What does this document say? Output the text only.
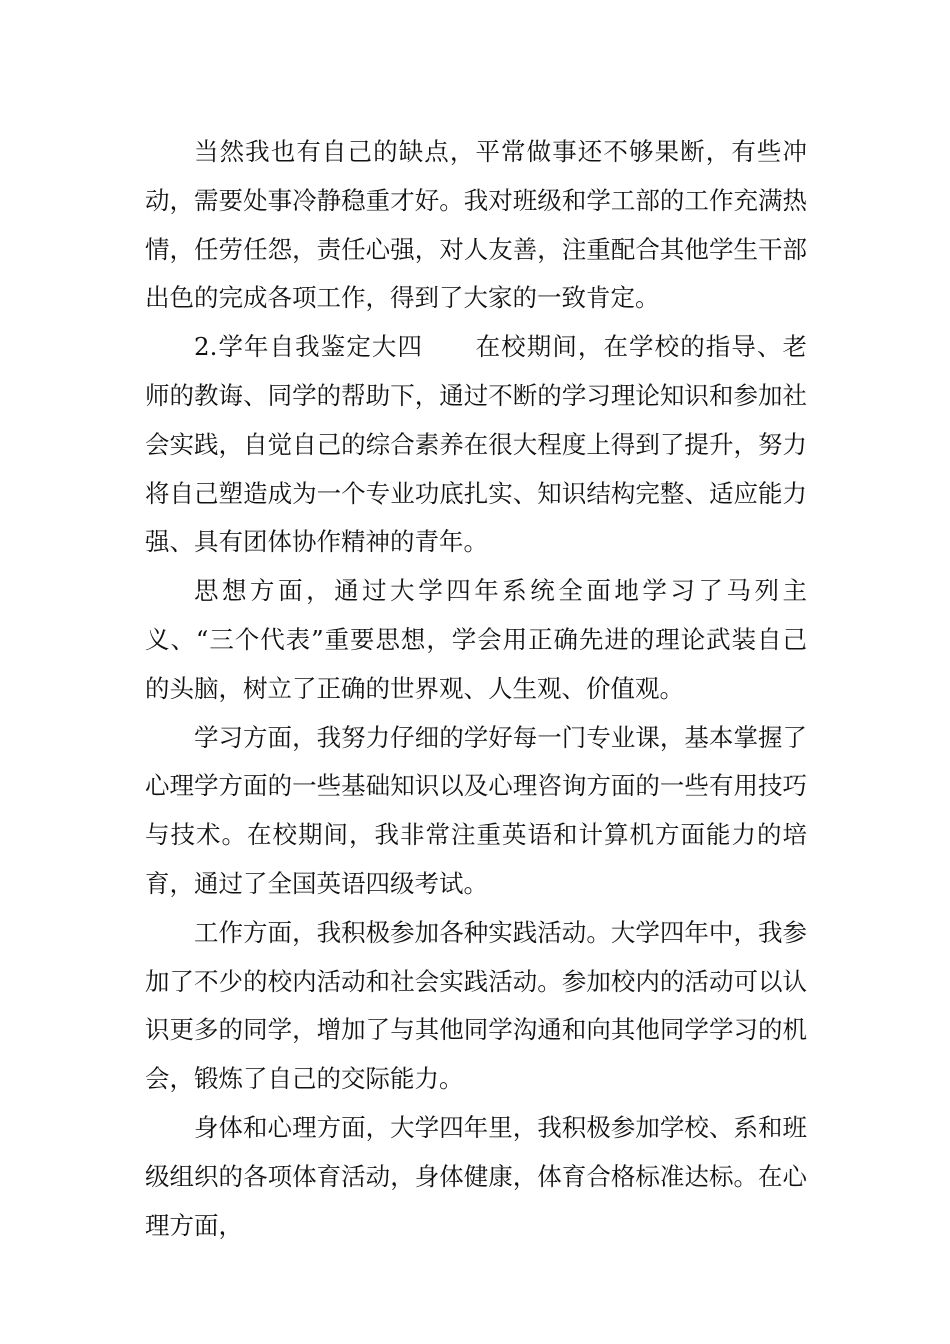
当然我也有自己的缺点，平常做事还不够果断，有些冲动，需要处事冷静稳重才好。我对班级和学工部的工作充满热情，任劳任怨，责任心强，对人友善，注重配合其他学生干部出色的完成各项工作，得到了大家的一致肯定。

2.学年自我鉴定大四 在校期间，在学校的指导、老师的教诲、同学的帮助下，通过不断的学习理论知识和参加社会实践，自觉自己的综合素养在很大程度上得到了提升，努力将自己塑造成为一个专业功底扎实、知识结构完整、适应能力强、具有团体协作精神的青年。

思想方面，通过大学四年系统全面地学习了马列主义、“三个代表”重要思想，学会用正确先进的理论武装自己的头脑，树立了正确的世界观、人生观、价值观。

学习方面，我努力仔细的学好每一门专业课，基本掌握了心理学方面的一些基础知识以及心理咨询方面的一些有用技巧与技术。在校期间，我非常注重英语和计算机方面能力的培育，通过了全国英语四级考试。

工作方面，我积极参加各种实践活动。大学四年中，我参加了不少的校内活动和社会实践活动。参加校内的活动可以认识更多的同学，增加了与其他同学沟通和向其他同学学习的机会，锻炼了自己的交际能力。

身体和心理方面，大学四年里，我积极参加学校、系和班级组织的各项体育活动，身体健康，体育合格标准达标。在心理方面，
